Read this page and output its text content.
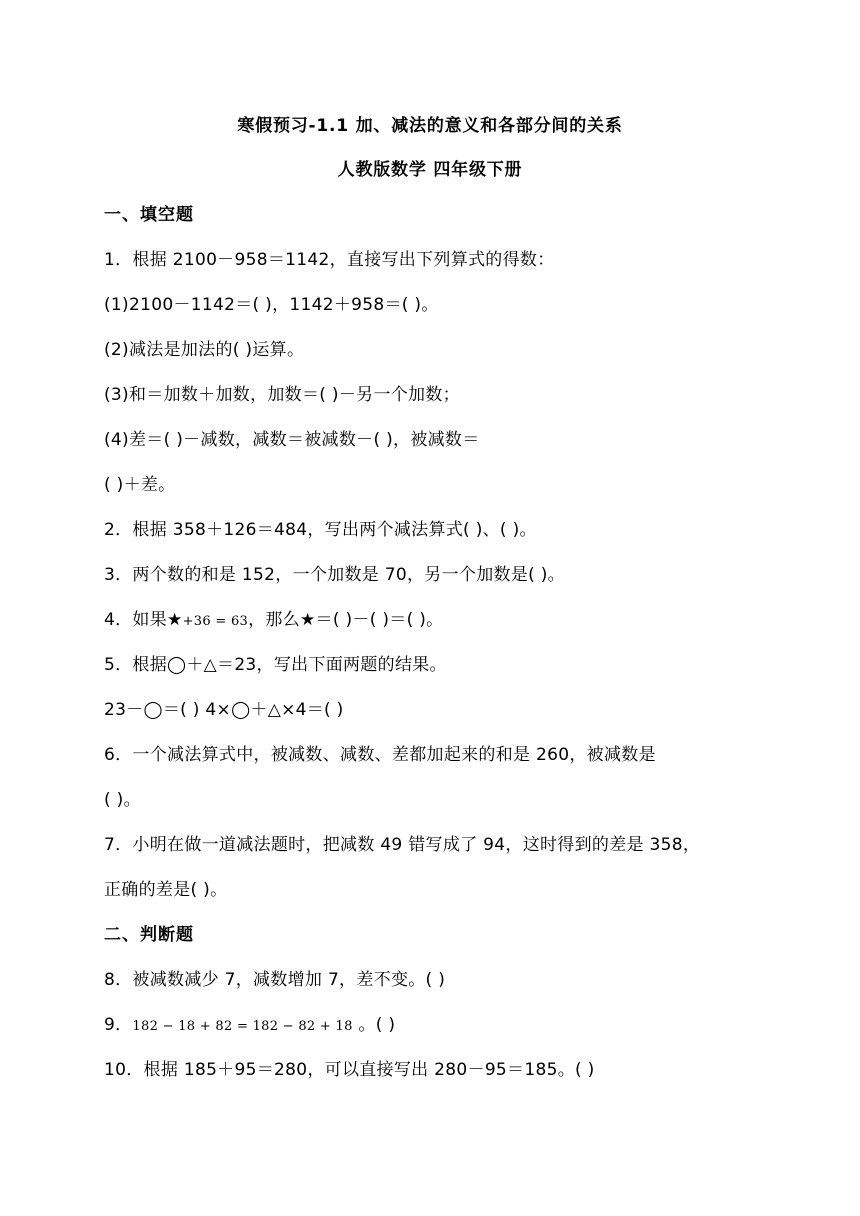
寒假预习-1.1 加、减法的意义和各部分间的关系
人教版数学 四年级下册
一、填空题
1．根据 2100－958＝1142，直接写出下列算式的得数：
(1)2100－1142＝( )，1142＋958＝( )。
(2)减法是加法的( )运算。
(3)和＝加数＋加数，加数＝( )－另一个加数；
(4)差＝( )－减数，减数＝被减数－( )，被减数＝
( )＋差。
2．根据 358＋126＝484，写出两个减法算式( )、( )。
3．两个数的和是 152，一个加数是 70，另一个加数是( )。
4．如果★+36 = 63，那么★＝( )－( )＝( )。
5．根据◯＋△＝23，写出下面两题的结果。
23－◯＝( ) 4×◯＋△×4＝( )
6．一个减法算式中，被减数、减数、差都加起来的和是 260，被减数是
( )。
7．小明在做一道减法题时，把减数 49 错写成了 94，这时得到的差是 358，
正确的差是( )。
二、判断题
8．被减数减少 7，减数增加 7，差不变。( )
9．182 − 18 + 82 = 182 − 82 + 18 。( )
10．根据 185＋95＝280，可以直接写出 280－95＝185。( )
